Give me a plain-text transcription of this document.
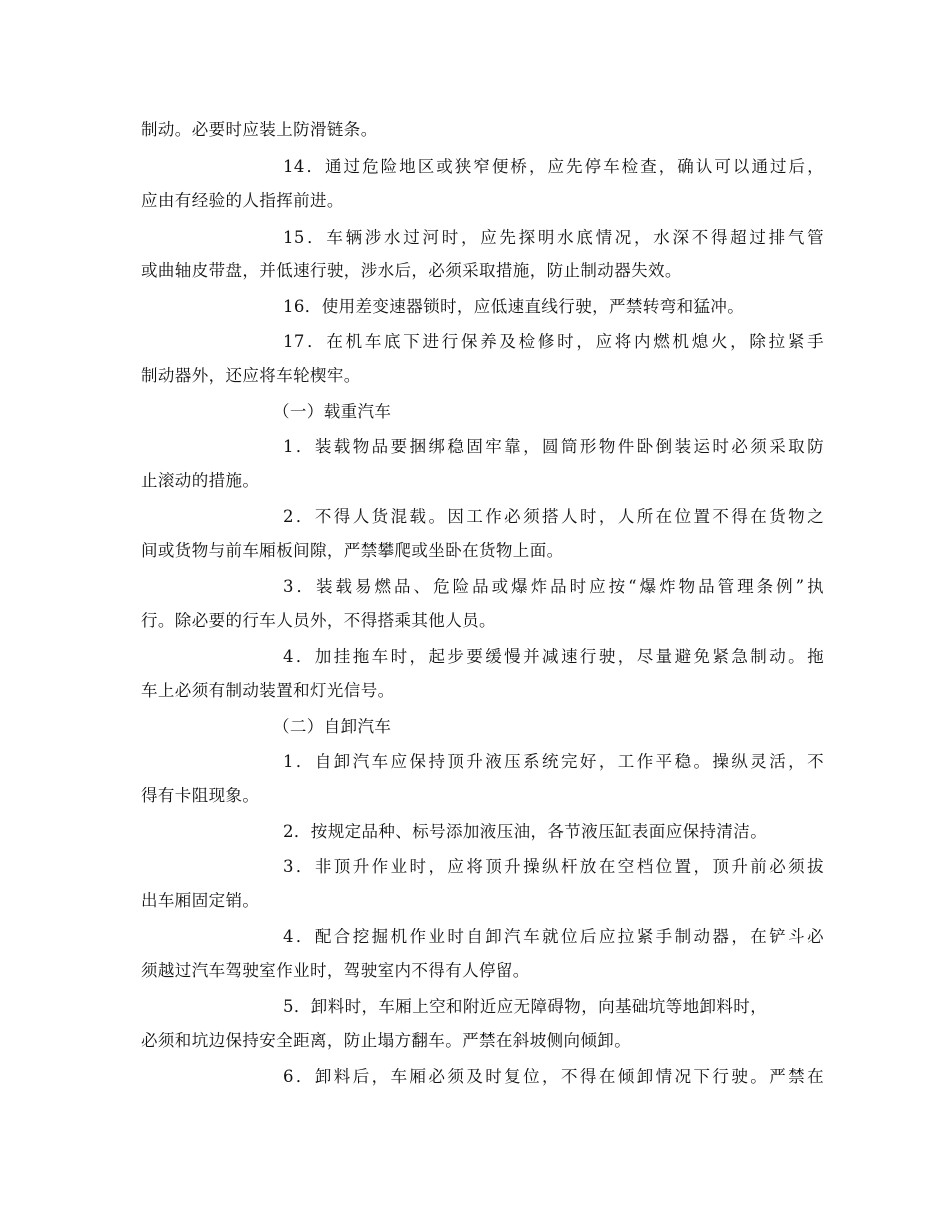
制动。必要时应装上防滑链条。
14．通过危险地区或狭窄便桥，应先停车检查，确认可以通过后，
应由有经验的人指挥前进。
15．车辆涉水过河时，应先探明水底情况，水深不得超过排气管
或曲轴皮带盘，并低速行驶，涉水后，必须采取措施，防止制动器失效。
16．使用差变速器锁时，应低速直线行驶，严禁转弯和猛冲。
17．在机车底下进行保养及检修时，应将内燃机熄火，除拉紧手
制动器外，还应将车轮楔牢。
（一）载重汽车
1．装载物品要捆绑稳固牢靠，圆筒形物件卧倒装运时必须采取防
止滚动的措施。
2．不得人货混载。因工作必须搭人时，人所在位置不得在货物之
间或货物与前车厢板间隙，严禁攀爬或坐卧在货物上面。
3．装载易燃品、危险品或爆炸品时应按“爆炸物品管理条例”执
行。除必要的行车人员外，不得搭乘其他人员。
4．加挂拖车时，起步要缓慢并减速行驶，尽量避免紧急制动。拖
车上必须有制动装置和灯光信号。
（二）自卸汽车
1．自卸汽车应保持顶升液压系统完好，工作平稳。操纵灵活，不
得有卡阻现象。
2．按规定品种、标号添加液压油，各节液压缸表面应保持清洁。
3．非顶升作业时，应将顶升操纵杆放在空档位置，顶升前必须拔
出车厢固定销。
4．配合挖掘机作业时自卸汽车就位后应拉紧手制动器，在铲斗必
须越过汽车驾驶室作业时，驾驶室内不得有人停留。
5．卸料时，车厢上空和附近应无障碍物，向基础坑等地卸料时，
必须和坑边保持安全距离，防止塌方翻车。严禁在斜坡侧向倾卸。
6．卸料后，车厢必须及时复位，不得在倾卸情况下行驶。严禁在
